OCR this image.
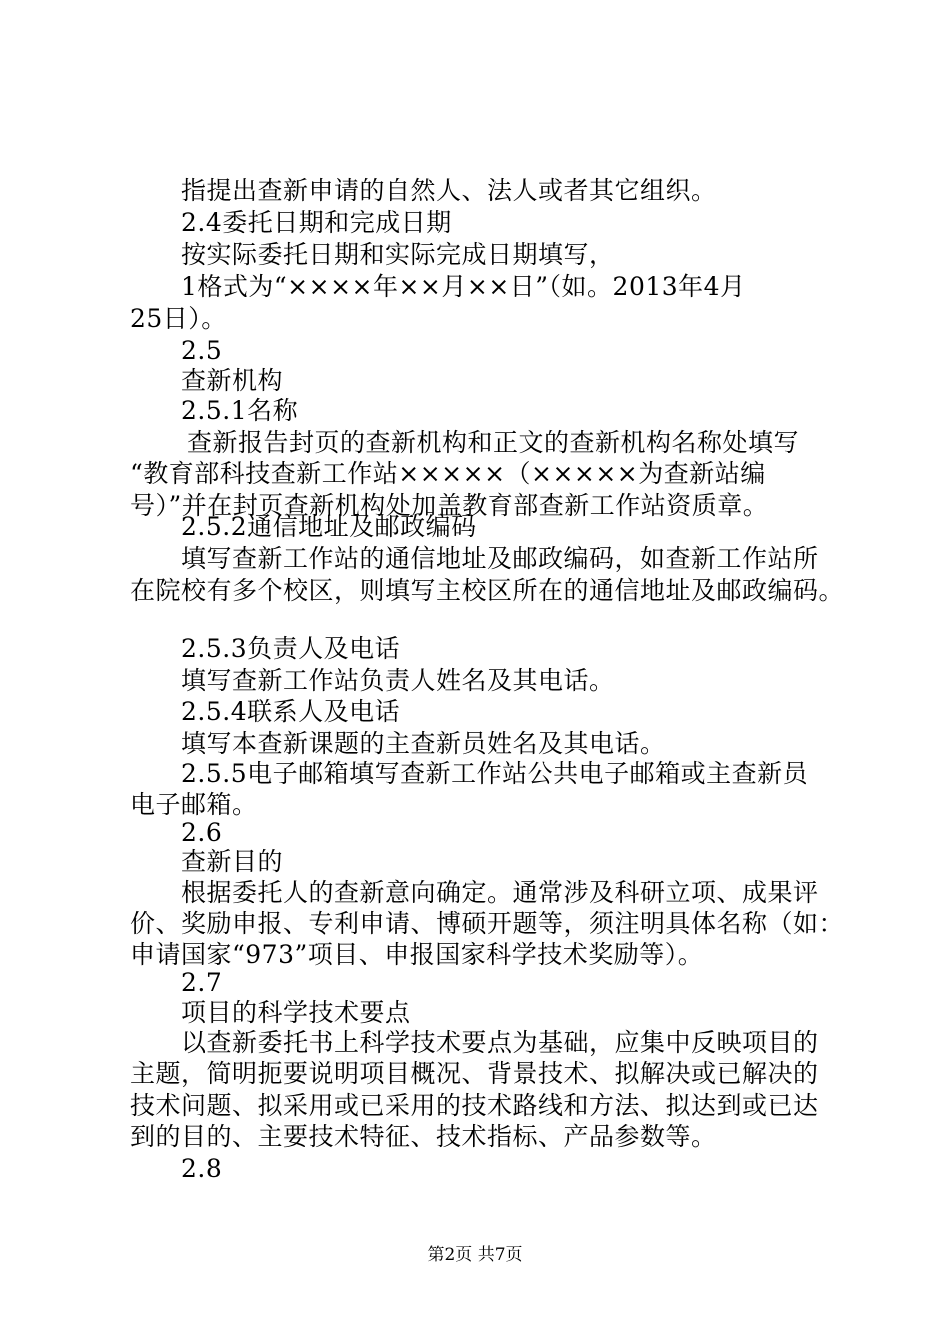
指提出查新申请的自然人、法人或者其它组织。
2.4委托日期和完成日期
按实际委托日期和实际完成日期填写，
1格式为“××××年××月××日”（如。2013年4月
25日）。
2.5
查新机构
2.5.1名称
查新报告封页的查新机构和正文的查新机构名称处填写
“教育部科技查新工作站×××××（×××××为查新站编
号）”并在封页查新机构处加盖教育部查新工作站资质章。
2.5.2通信地址及邮政编码
填写查新工作站的通信地址及邮政编码，如查新工作站所
在院校有多个校区，则填写主校区所在的通信地址及邮政编码。
2.5.3负责人及电话
填写查新工作站负责人姓名及其电话。
2.5.4联系人及电话
填写本查新课题的主查新员姓名及其电话。
2.5.5电子邮箱填写查新工作站公共电子邮箱或主查新员
电子邮箱。
2.6
查新目的
根据委托人的查新意向确定。通常涉及科研立项、成果评
价、奖励申报、专利申请、博硕开题等，须注明具体名称（如：
申请国家“973”项目、申报国家科学技术奖励等）。
2.7
项目的科学技术要点
以查新委托书上科学技术要点为基础，应集中反映项目的
主题，简明扼要说明项目概况、背景技术、拟解决或已解决的
技术问题、拟采用或已采用的技术路线和方法、拟达到或已达
到的目的、主要技术特征、技术指标、产品参数等。
2.8
第2页 共7页
